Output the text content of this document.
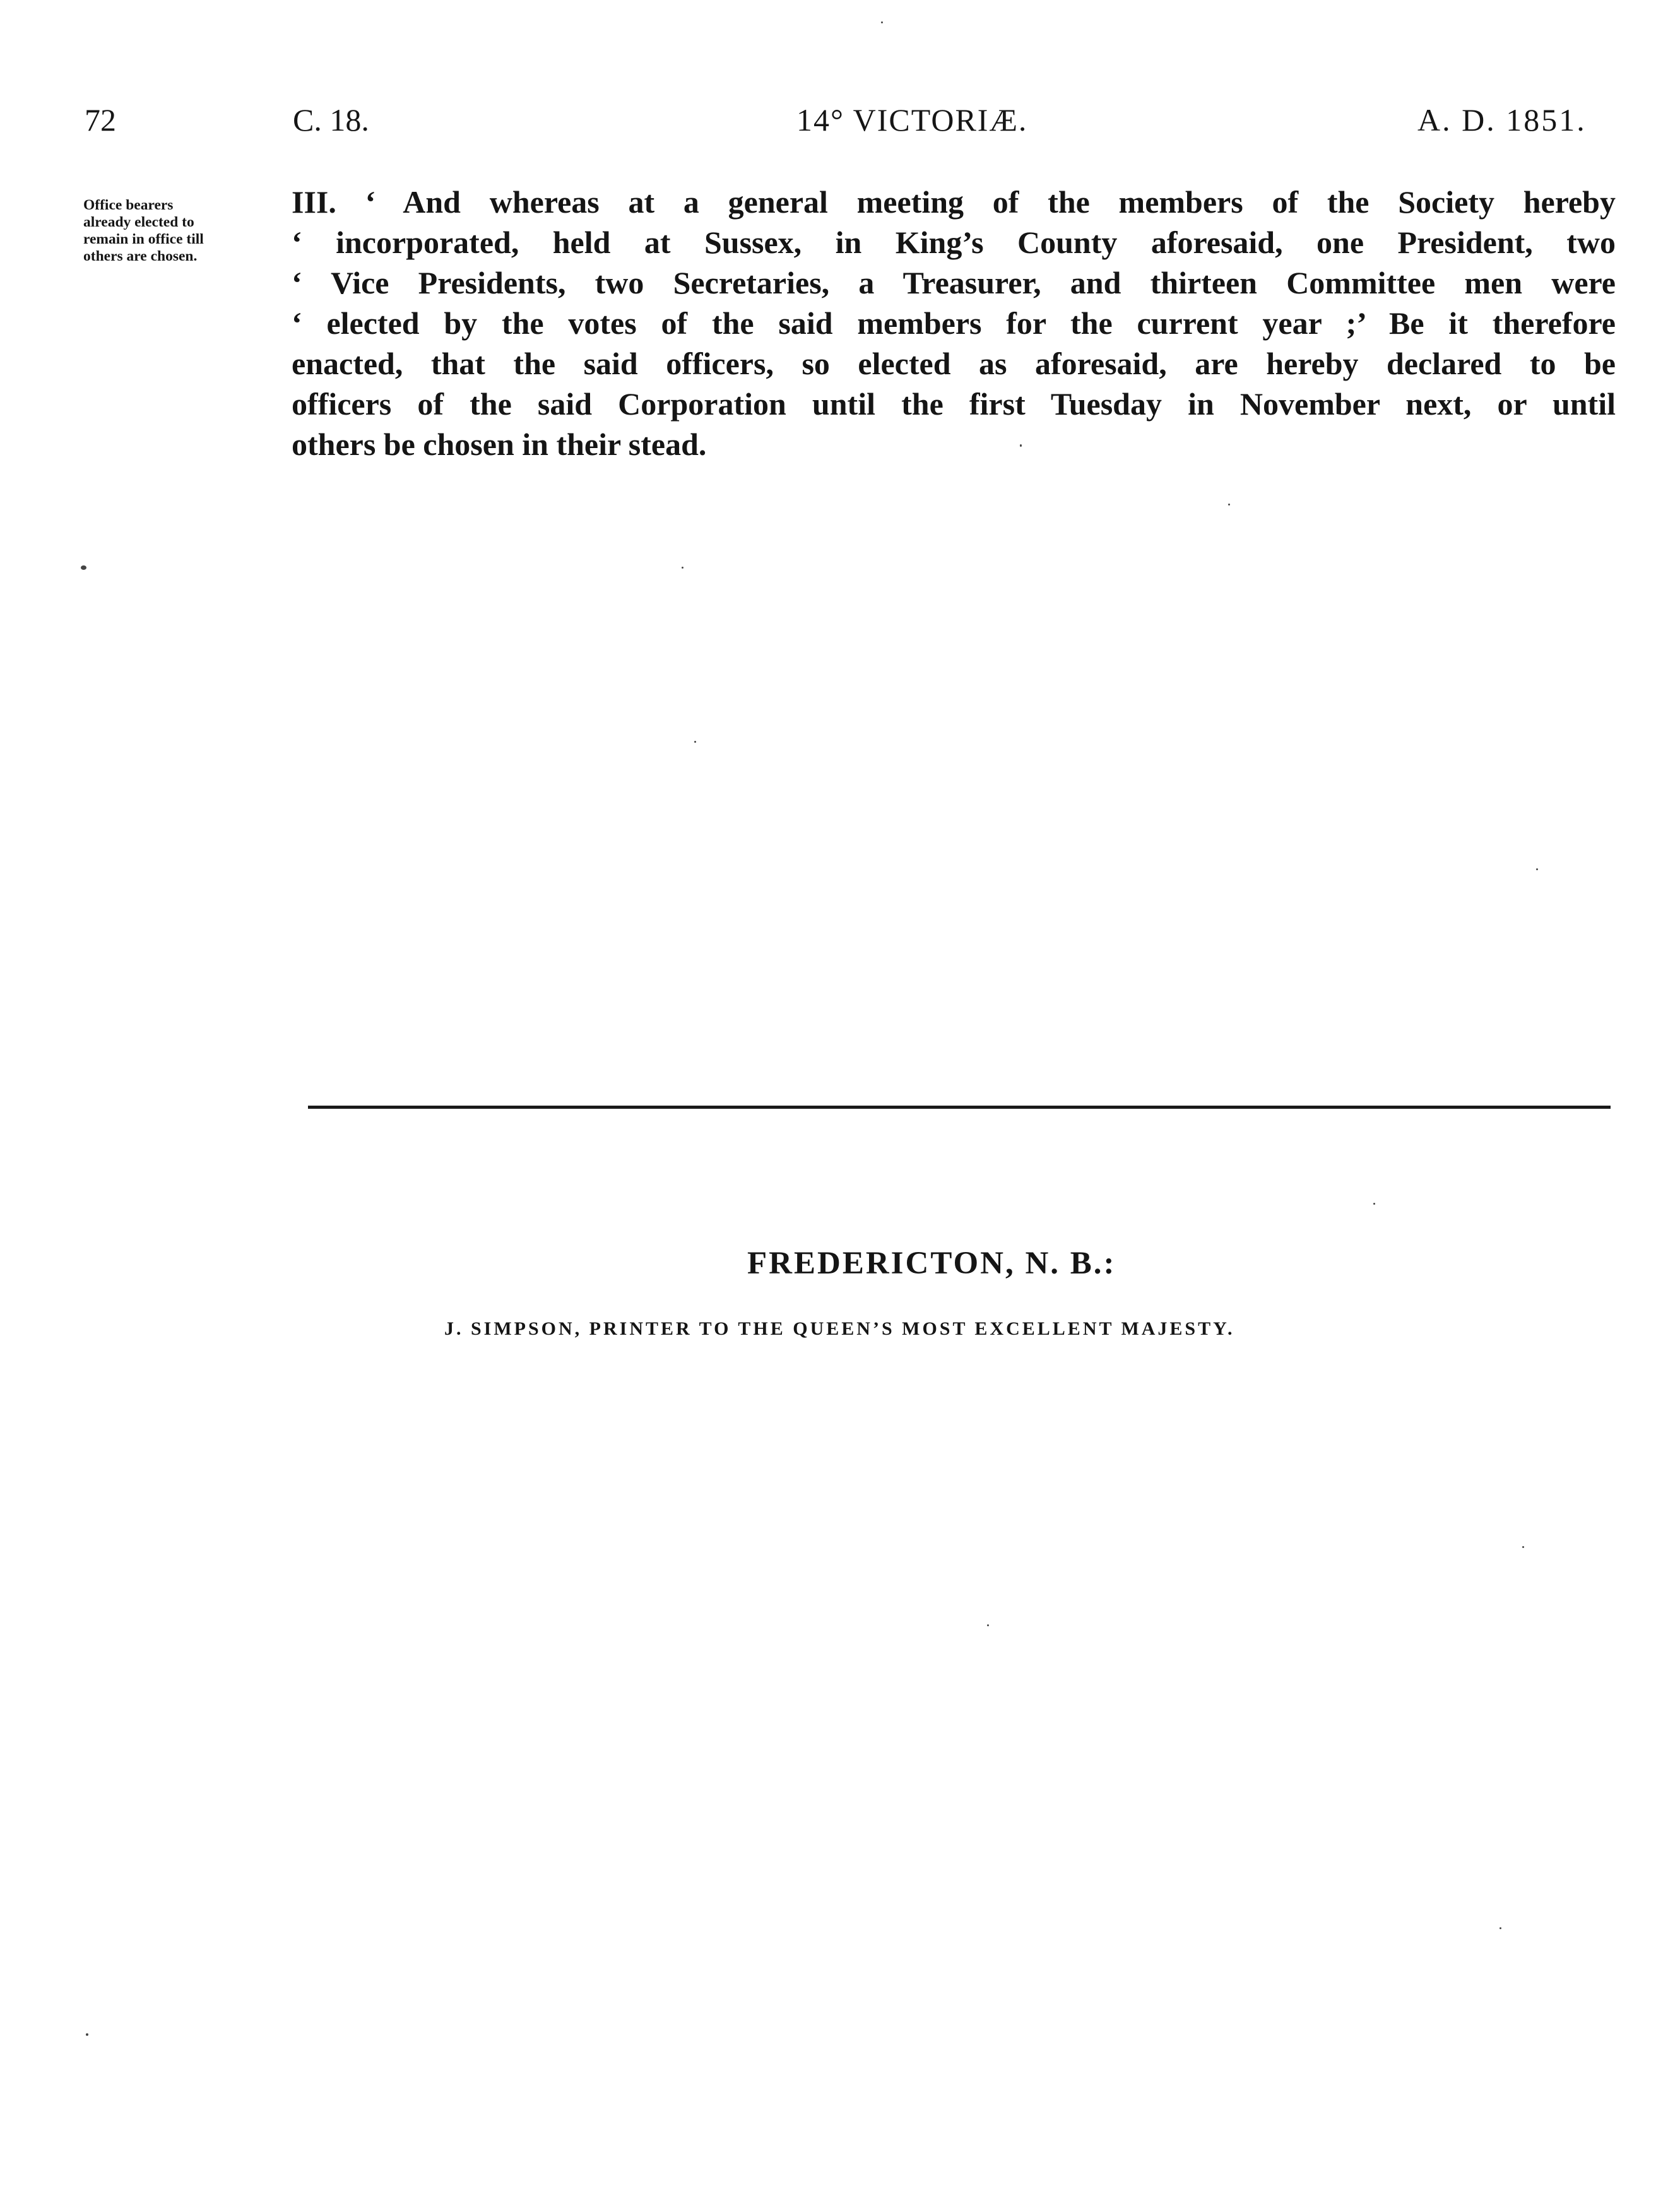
72	C. 18.	14° VICTORIÆ.	A. D. 1851.
Office bearers
already elected to
remain in office till
others are chosen.
III. ‘ And whereas at a general meeting of the members of the Society hereby
‘ incorporated, held at Sussex, in King’s County aforesaid, one President, two
‘ Vice Presidents, two Secretaries, a Treasurer, and thirteen Committee men were
‘ elected by the votes of the said members for the current year ;’ Be it therefore
enacted, that the said officers, so elected as aforesaid, are hereby declared to be
officers of the said Corporation until the first Tuesday in November next, or until
others be chosen in their stead.
FREDERICTON, N. B.:
J. SIMPSON, PRINTER TO THE QUEEN’S MOST EXCELLENT MAJESTY.
